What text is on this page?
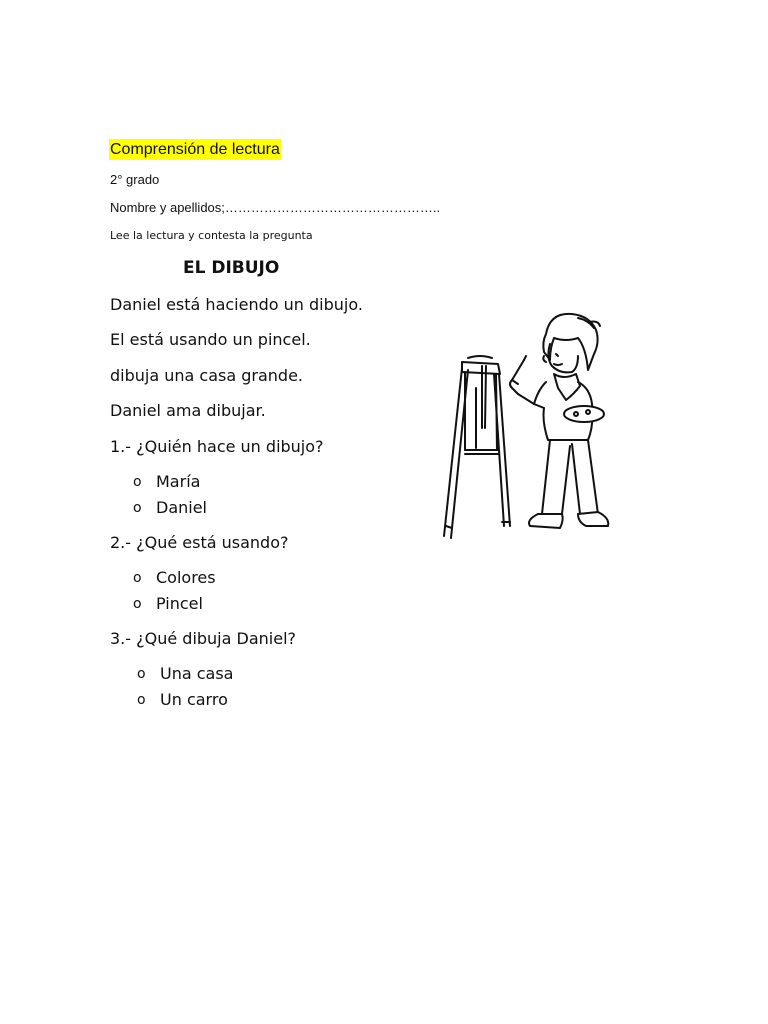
Comprensión de lectura
2° grado
Nombre y apellidos;…………………………………………..
Lee la lectura y contesta la pregunta
EL DIBUJO
Daniel está haciendo un dibujo.
El está usando un pincel.
dibuja una casa grande.
Daniel ama dibujar.
1.- ¿Quién hace un dibujo?
o María
o Daniel
2.- ¿Qué está usando?
o Colores
o Pincel
3.- ¿Qué dibuja Daniel?
o Una casa
o Un carro
